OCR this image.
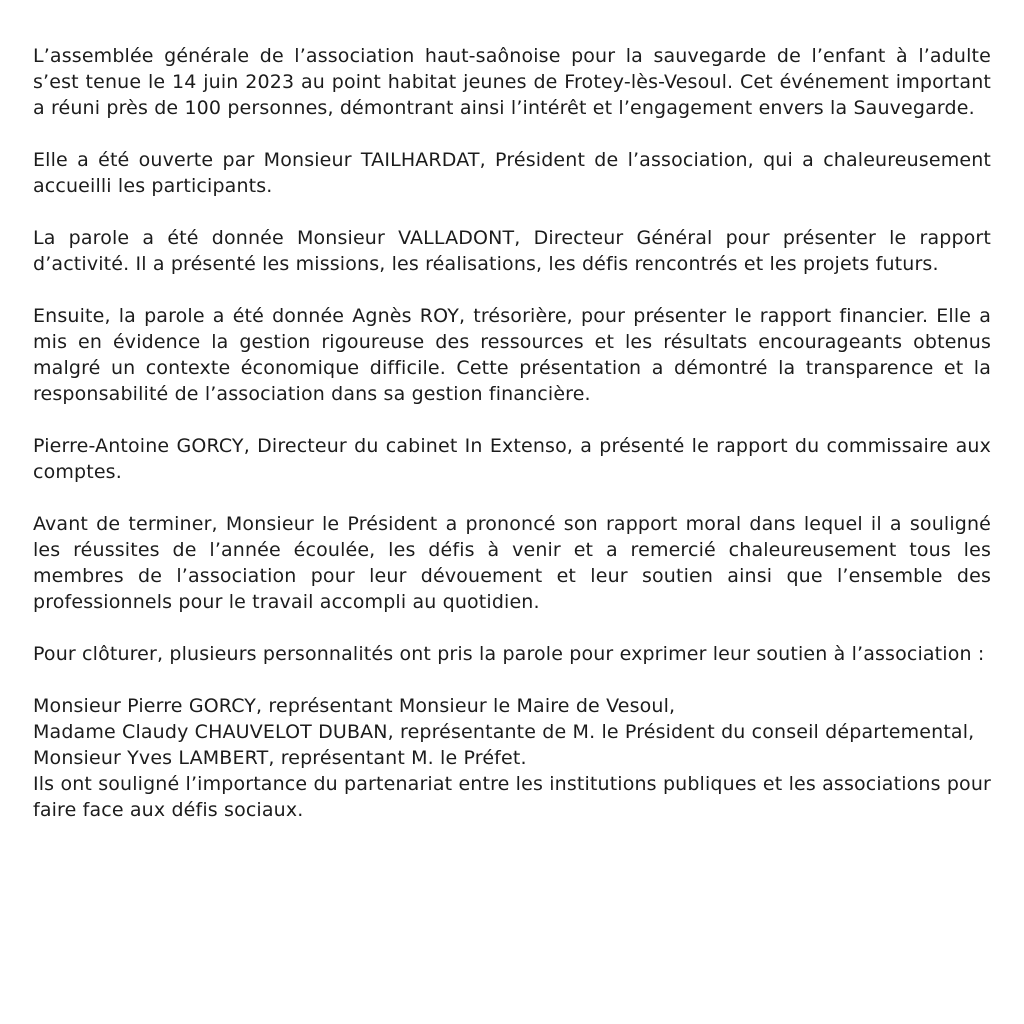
L’assemblée générale de l’association haut-saônoise pour la sauvegarde de l’enfant à l’adulte s’est tenue le 14 juin 2023 au point habitat jeunes de Frotey-lès-Vesoul. Cet événement important a réuni près de 100 personnes, démontrant ainsi l’intérêt et l’engagement envers la Sauvegarde.

Elle a été ouverte par Monsieur TAILHARDAT, Président de l’association, qui a chaleureusement accueilli les participants.

La parole a été donnée Monsieur VALLADONT, Directeur Général pour présenter le rapport d’activité. Il a présenté les missions, les réalisations, les défis rencontrés et les projets futurs.

Ensuite, la parole a été donnée Agnès ROY, trésorière, pour présenter le rapport financier. Elle a mis en évidence la gestion rigoureuse des ressources et les résultats encourageants obtenus malgré un contexte économique difficile. Cette présentation a démontré la transparence et la responsabilité de l’association dans sa gestion financière.

Pierre-Antoine GORCY, Directeur du cabinet In Extenso, a présenté le rapport du commissaire aux comptes.

Avant de terminer, Monsieur le Président a prononcé son rapport moral dans lequel il a souligné les réussites de l’année écoulée, les défis à venir et a remercié chaleureusement tous les membres de l’association pour leur dévouement et leur soutien ainsi que l’ensemble des professionnels pour le travail accompli au quotidien.

Pour clôturer, plusieurs personnalités ont pris la parole pour exprimer leur soutien à l’association :

Monsieur Pierre GORCY, représentant Monsieur le Maire de Vesoul,

Madame Claudy CHAUVELOT DUBAN, représentante de M. le Président du conseil départemental,

Monsieur Yves LAMBERT, représentant M. le Préfet.

Ils ont souligné l’importance du partenariat entre les institutions publiques et les associations pour faire face aux défis sociaux.
